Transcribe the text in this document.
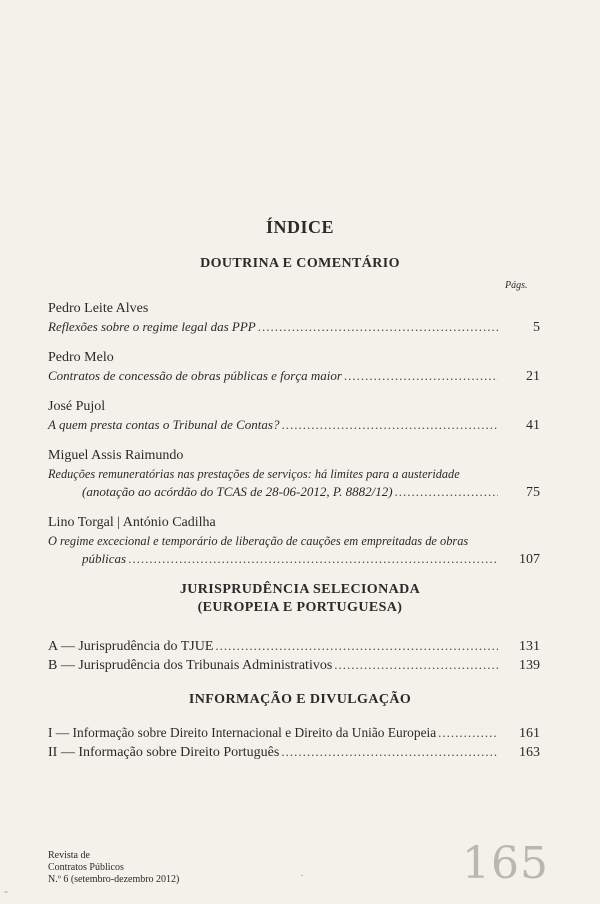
ÍNDICE
DOUTRINA E COMENTÁRIO
Págs.
Pedro Leite Alves
Reflexões sobre o regime legal das PPP .....	5
Pedro Melo
Contratos de concessão de obras públicas e força maior .....	21
José Pujol
A quem presta contas o Tribunal de Contas? .....	41
Miguel Assis Raimundo
Reduções remuneratórias nas prestações de serviços: há limites para a austeridade
(anotação ao acórdão do TCAS de 28-06-2012, P. 8882/12) .....	75
Lino Torgal | António Cadilha
O regime excecional e temporário de liberação de cauções em empreitadas de obras
públicas .....	107
JURISPRUDÊNCIA SELECIONADA
(EUROPEIA E PORTUGUESA)
A — Jurisprudência do TJUE .....	131
B — Jurisprudência dos Tribunais Administrativos .....	139
INFORMAÇÃO E DIVULGAÇÃO
I — Informação sobre Direito Internacional e Direito da União Europeia .....	161
II — Informação sobre Direito Português .....	163
Revista de
Contratos Públicos
N.º 6 (setembro-dezembro 2012)	·
-
165
